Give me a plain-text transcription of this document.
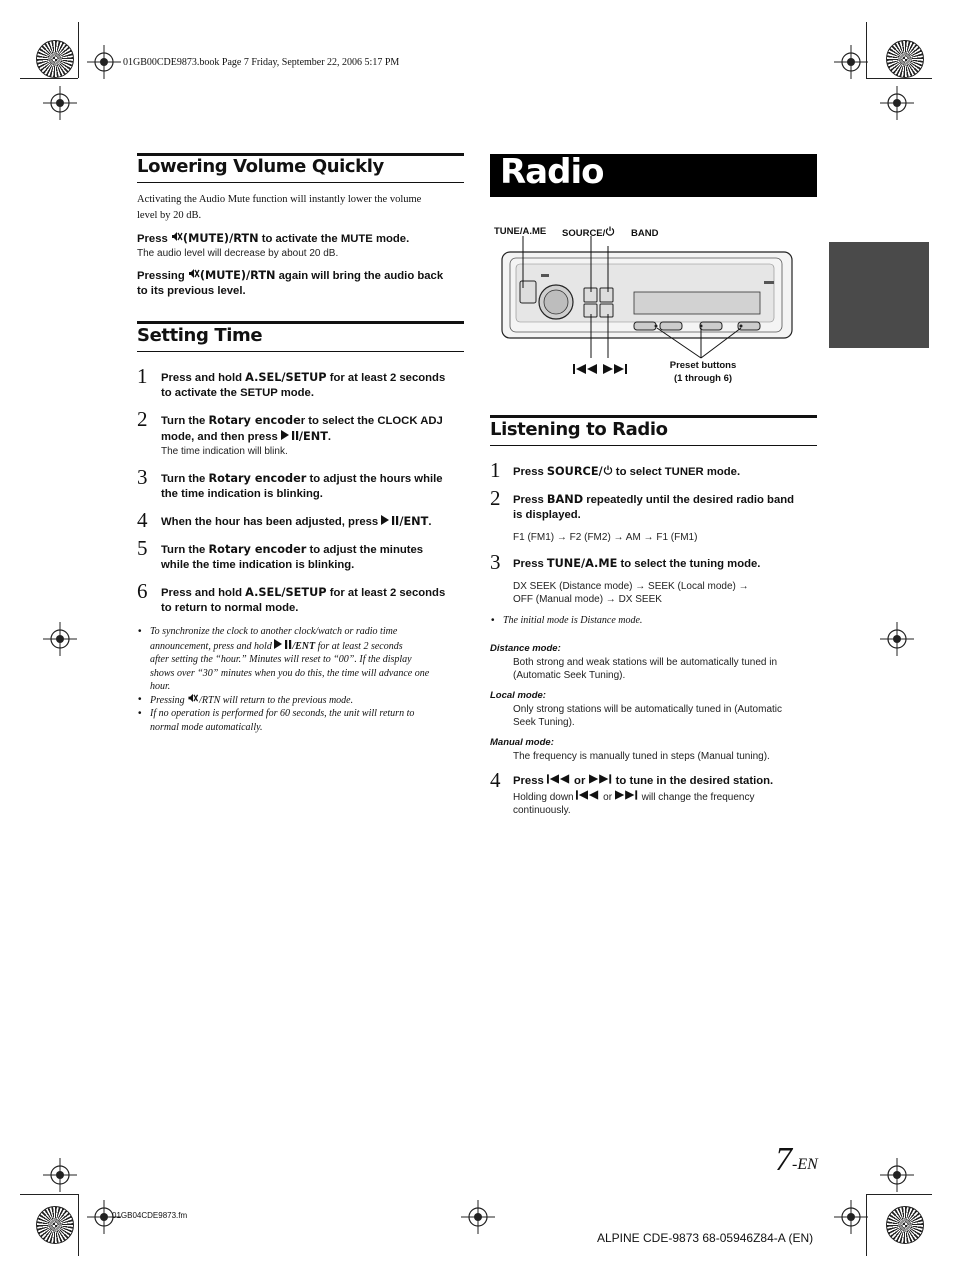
01GB00CDE9873.book Page 7 Friday, September 22, 2006 5:17 PM
01GB04CDE9873.fm
Lowering Volume Quickly
Activating the Audio Mute function will instantly lower the volume
level by 20 dB.
Press (MUTE)/RTN to activate the MUTE mode.
The audio level will decrease by about 20 dB.
Pressing (MUTE)/RTN again will bring the audio back
to its previous level.
Setting Time
1 Press and hold A.SEL/SETUP for at least 2 seconds
to activate the SETUP mode.
2 Turn the Rotary encoder to select the CLOCK ADJ
mode, and then press /ENT.
The time indication will blink.
3 Turn the Rotary encoder to adjust the hours while
the time indication is blinking.
4 When the hour has been adjusted, press /ENT.
5 Turn the Rotary encoder to adjust the minutes
while the time indication is blinking.
6 Press and hold A.SEL/SETUP for at least 2 seconds
to return to normal mode.
• To synchronize the clock to another clock/watch or radio time
announcement, press and hold /ENT for at least 2 seconds
after setting the “hour.” Minutes will reset to “00”. If the display
shows over “30” minutes when you do this, the time will advance one
hour.
• Pressing /RTN will return to the previous mode.
• If no operation is performed for 60 seconds, the unit will return to
normal mode automatically.
Radio
TUNE/A.ME SOURCE/	BAND
Preset buttons
(1 through 6)
Listening to Radio
1 Press SOURCE/ to select TUNER mode.
2 Press BAND repeatedly until the desired radio band
is displayed.
F1 (FM1) → F2 (FM2) → AM → F1 (FM1)
3 Press TUNE/A.ME to select the tuning mode.
DX SEEK (Distance mode) → SEEK (Local mode) →
OFF (Manual mode) → DX SEEK
• The initial mode is Distance mode.
Distance mode:
Both strong and weak stations will be automatically tuned in
(Automatic Seek Tuning).
Local mode:
Only strong stations will be automatically tuned in (Automatic
Seek Tuning).
Manual mode:
The frequency is manually tuned in steps (Manual tuning).
4 Press  or  to tune in the desired station.
Holding down  or  will change the frequency
continuously.
7 -EN
ALPINE CDE-9873 68-05946Z84-A (EN)
